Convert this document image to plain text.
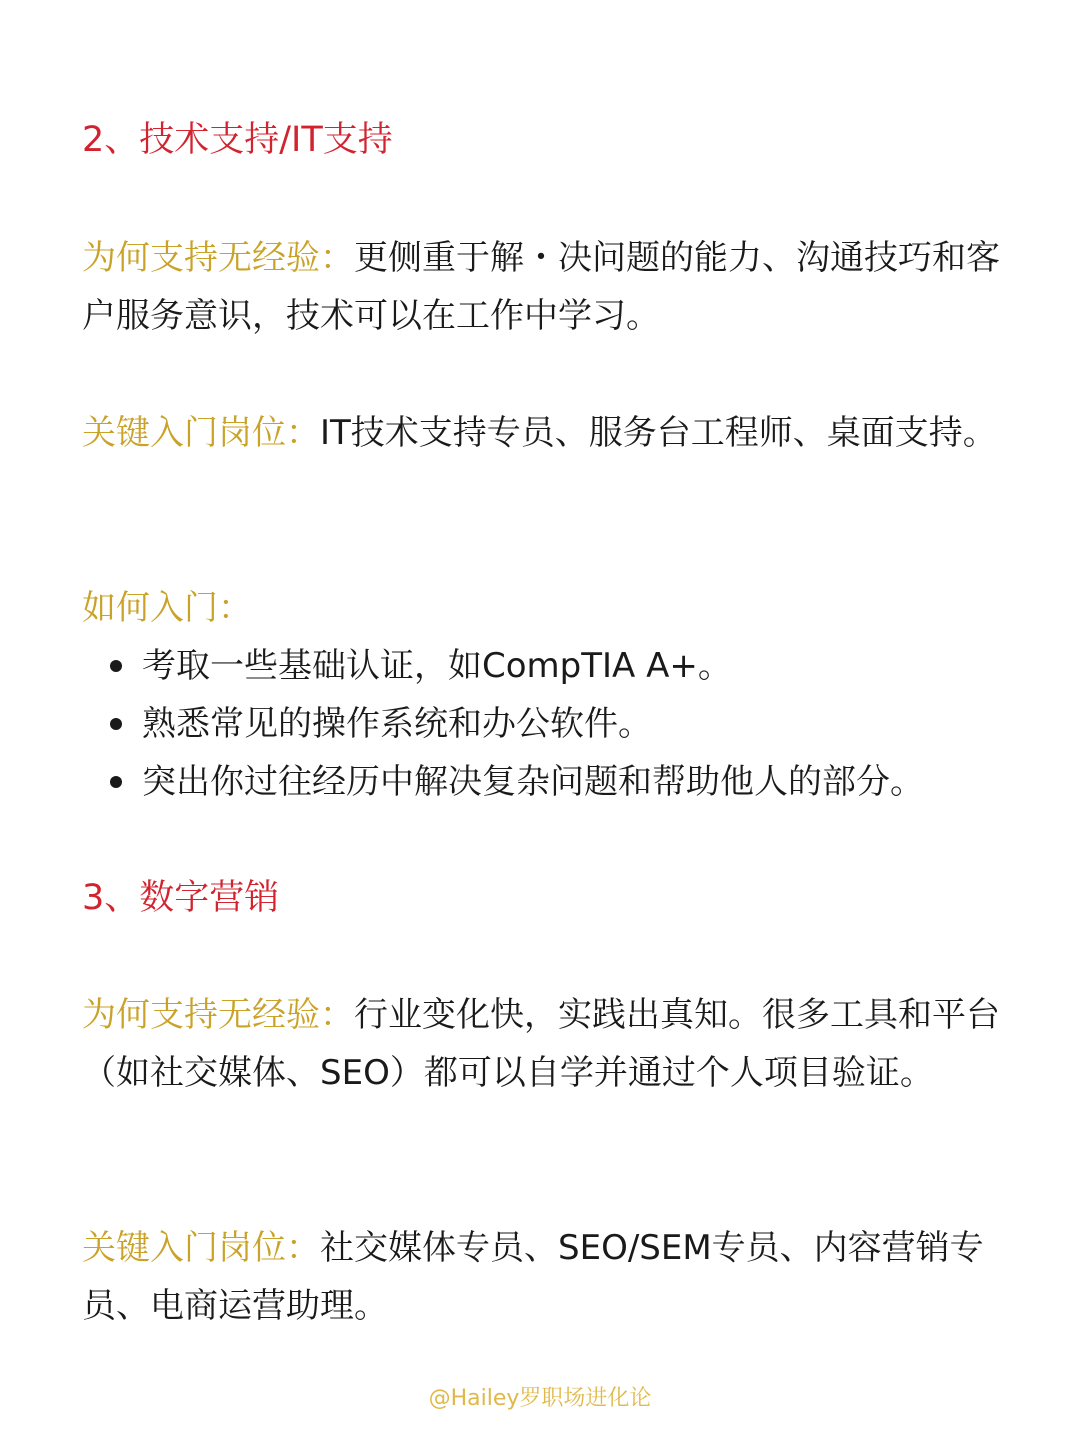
2、技术支持/IT支持

为何支持无经验：更侧重于解・决问题的能力、沟通技巧和客户服务意识，技术可以在工作中学习。

关键入门岗位：IT技术支持专员、服务台工程师、桌面支持。

如何入门：

考取一些基础认证，如CompTIA A+。
熟悉常见的操作系统和办公软件。
突出你过往经历中解决复杂问题和帮助他人的部分。
3、数字营销

为何支持无经验：行业变化快，实践出真知。很多工具和平台（如社交媒体、SEO）都可以自学并通过个人项目验证。

关键入门岗位：社交媒体专员、SEO/SEM专员、内容营销专员、电商运营助理。

@Hailey罗职场进化论
